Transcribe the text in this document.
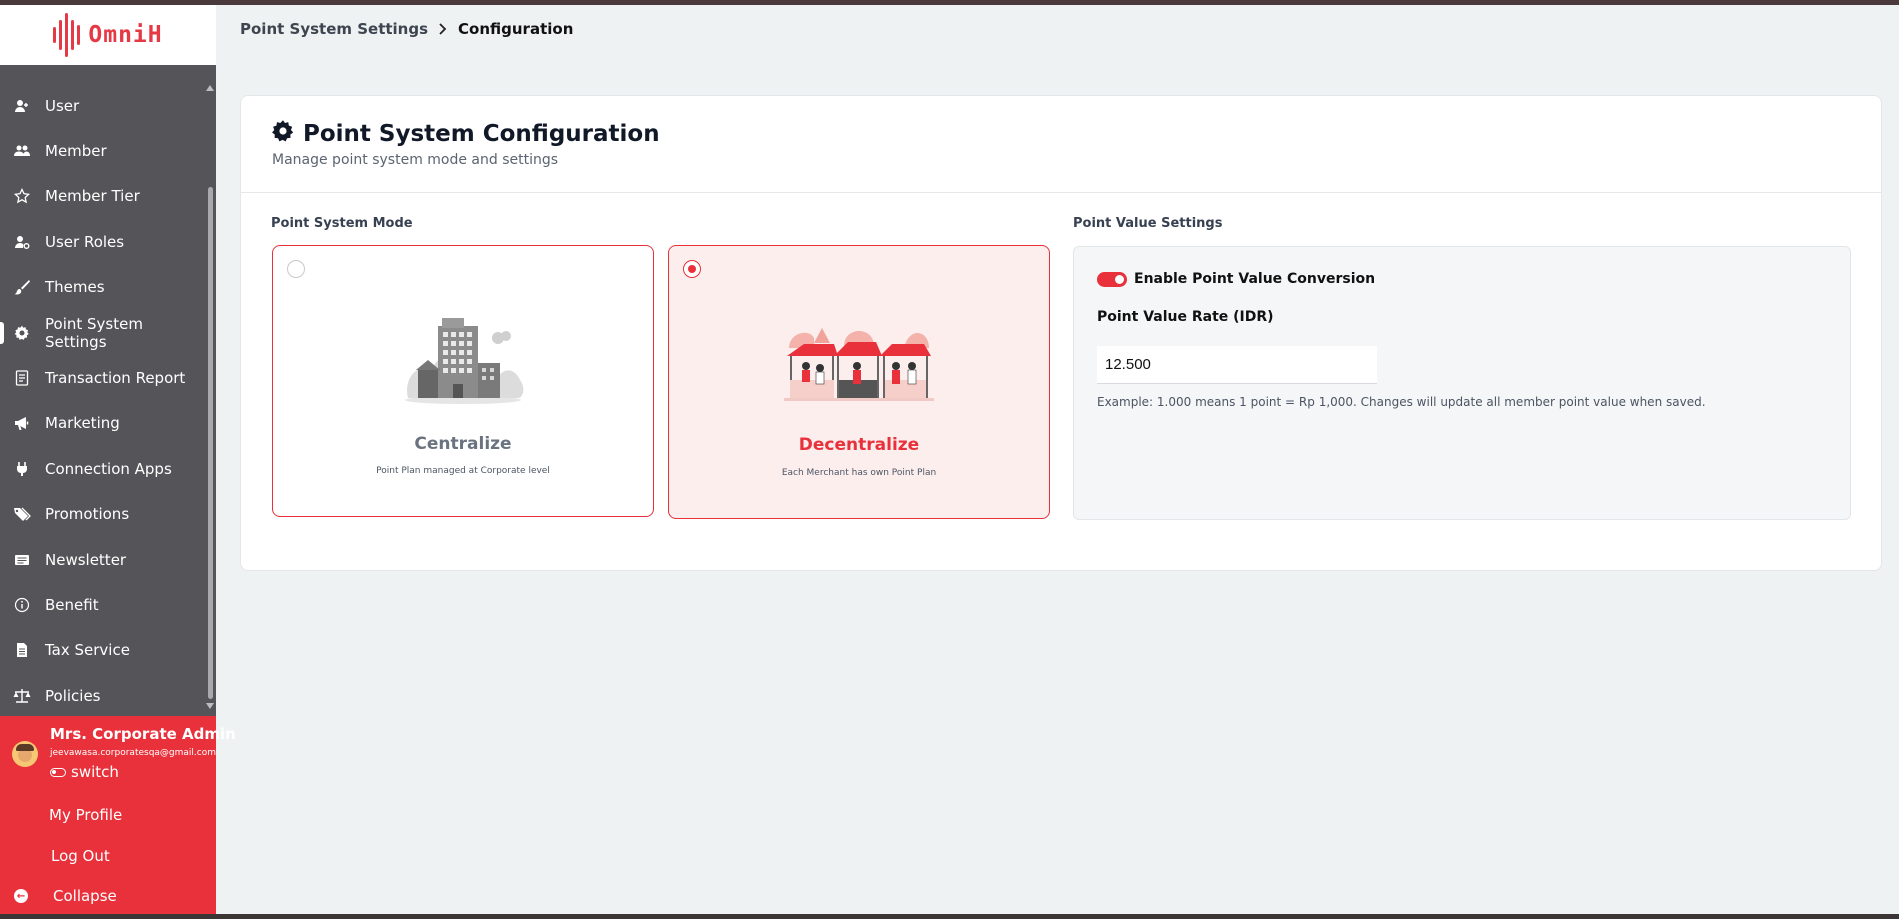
OmniH
User
Member
Member Tier
User Roles
Themes
Point System Settings
Transaction Report
Marketing
Connection Apps
Promotions
Newsletter
Benefit
Tax Service
Policies
Mrs. Corporate Admin
jeevawasa.corporatesqa@gmail.com
switch
My Profile
Log Out
← Collapse
Point System Settings Configuration
Point System Configuration
Manage point system mode and settings
Point System Mode	Point Value Settings
Centralize
Point Plan managed at Corporate level
Decentralize
Each Merchant has own Point Plan
Enable Point Value Conversion
Point Value Rate (IDR)
12.500
Example: 1.000 means 1 point = Rp 1,000. Changes will update all member point value when saved.
